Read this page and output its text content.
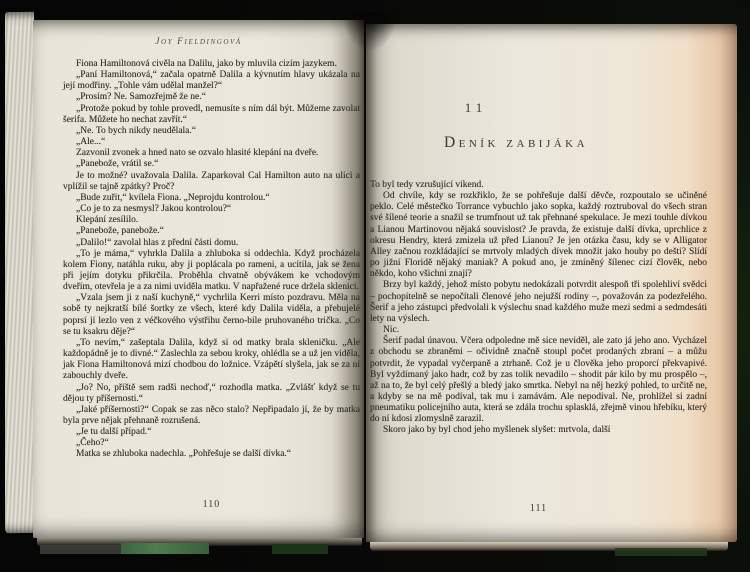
Joy Fieldingová

Fiona Hamiltonová civěla na Dalilu, jako by mluvila cizím jazykem.

„Paní Hamiltonová,“ začala opatrně Dalila a kývnutím hlavy ukázala na její modřiny. „Tohle vám udělal manžel?“

„Prosím? Ne. Samozřejmě že ne.“

„Protože pokud by tohle provedl, nemusíte s ním dál být. Můžeme zavolat šerifa. Můžete ho nechat zavřít.“

„Ne. To bych nikdy neudělala.“

„Ale...“

Zazvonil zvonek a hned nato se ozvalo hlasité klepání na dveře.

„Panebože, vrátil se.“

Je to možné? uvažovala Dalila. Zaparkoval Cal Hamilton auto na ulici a vplížil se tajně zpátky? Proč?

„Bude zuřit,“ kvílela Fiona. „Neprojdu kontrolou.“

„Co je to za nesmysl? Jakou kontrolou?“

Klepání zesílilo.

„Panebože, panebože.“

„Dalilo!“ zavolal hlas z přední části domu.

„To je máma,“ vyhrkla Dalila a zhluboka si oddechla. Když procházela kolem Fiony, natáhla ruku, aby ji poplácala po rameni, a ucítila, jak se žena při jejím dotyku přikrčila. Proběhla chvatně obývákem ke vchodovým dveřím, otevřela je a za nimi uviděla matku. V napřažené ruce držela sklenici.

„Vzala jsem ji z naší kuchyně,“ vychrlila Kerri místo pozdravu. Měla na sobě ty nejkratší bílé šortky ze všech, které kdy Dalila viděla, a přebujelé poprsí jí lezlo ven z véčkového výstřihu černo-bíle pruhovaného trička. „Co se tu ksakru děje?“

„To nevím,“ zašeptala Dalila, když si od matky brala skleničku. „Ale každopádně je to divné.“ Zaslechla za sebou kroky, ohlédla se a už jen viděla, jak Fiona Hamiltonová mizí chodbou do ložnice. Vzápětí slyšela, jak se za ní zabouchly dveře.

„Jo? No, příště sem radši nechoď,“ rozhodla matka. „Zvlášť když se tu dějou ty příšernosti.“

„Jaké příšernosti?“ Copak se zas něco stalo? Nepřipadalo jí, že by matka byla prve nějak přehnaně rozrušená.

„Je tu další případ.“

„Čeho?“

Matka se zhluboka nadechla. „Pohřešuje se další dívka.“

110
11
Deník zabijáka

To byl tedy vzrušující víkend.

Od chvíle, kdy se rozkřiklo, že se pohřešuje další děvče, rozpoutalo se učiněné peklo. Celé městečko Torrance vybuchlo jako sopka, každý roztruboval do všech stran své šílené teorie a snažil se trumfnout už tak přehnané spekulace. Je mezi touhle dívkou a Lianou Martinovou nějaká souvislost? Je pravda, že existuje další dívka, uprchlice z okresu Hendry, která zmizela už před Lianou? Je jen otázka času, kdy se v Alligator Alley začnou rozkládající se mrtvoly mladých dívek množit jako houby po dešti? Slídí po jižní Floridě nějaký maniak? A pokud ano, je zmíněný šílenec cizí člověk, nebo někdo, koho všichni znají?

Brzy byl každý, jehož místo pobytu nedokázali potvrdit alespoň tři spolehliví svědci – pochopitelně se nepočítali členové jeho nejužší rodiny –, považován za podezřelého. Šerif a jeho zástupci předvolali k výslechu snad každého muže mezi sedmi a sedmdesáti lety na výslech.

Nic.

Šerif padal únavou. Včera odpoledne mě sice neviděl, ale zato já jeho ano. Vycházel z obchodu se zbraněmi – očividně značně stoupl počet prodaných zbraní – a můžu potvrdit, že vypadal vyčerpaně a ztrhaně. Což je u člověka jeho proporcí překvapivé. Byl vyždímaný jako hadr, což by zas tolik nevadilo – shodit pár kilo by mu prospělo –, až na to, že byl celý přešlý a bledý jako smrtka. Nebyl na něj hezký pohled, to určitě ne, a kdyby se na mě podíval, tak mu i zamávám. Ale nepodíval. Ne, prohlížel si zadní pneumatiku policejního auta, která se zdála trochu splasklá, zřejmě vinou hřebíku, který do ní kdosi zlomyslně zarazil.

Skoro jako by byl chod jeho myšlenek slyšet: mrtvola, další

111
